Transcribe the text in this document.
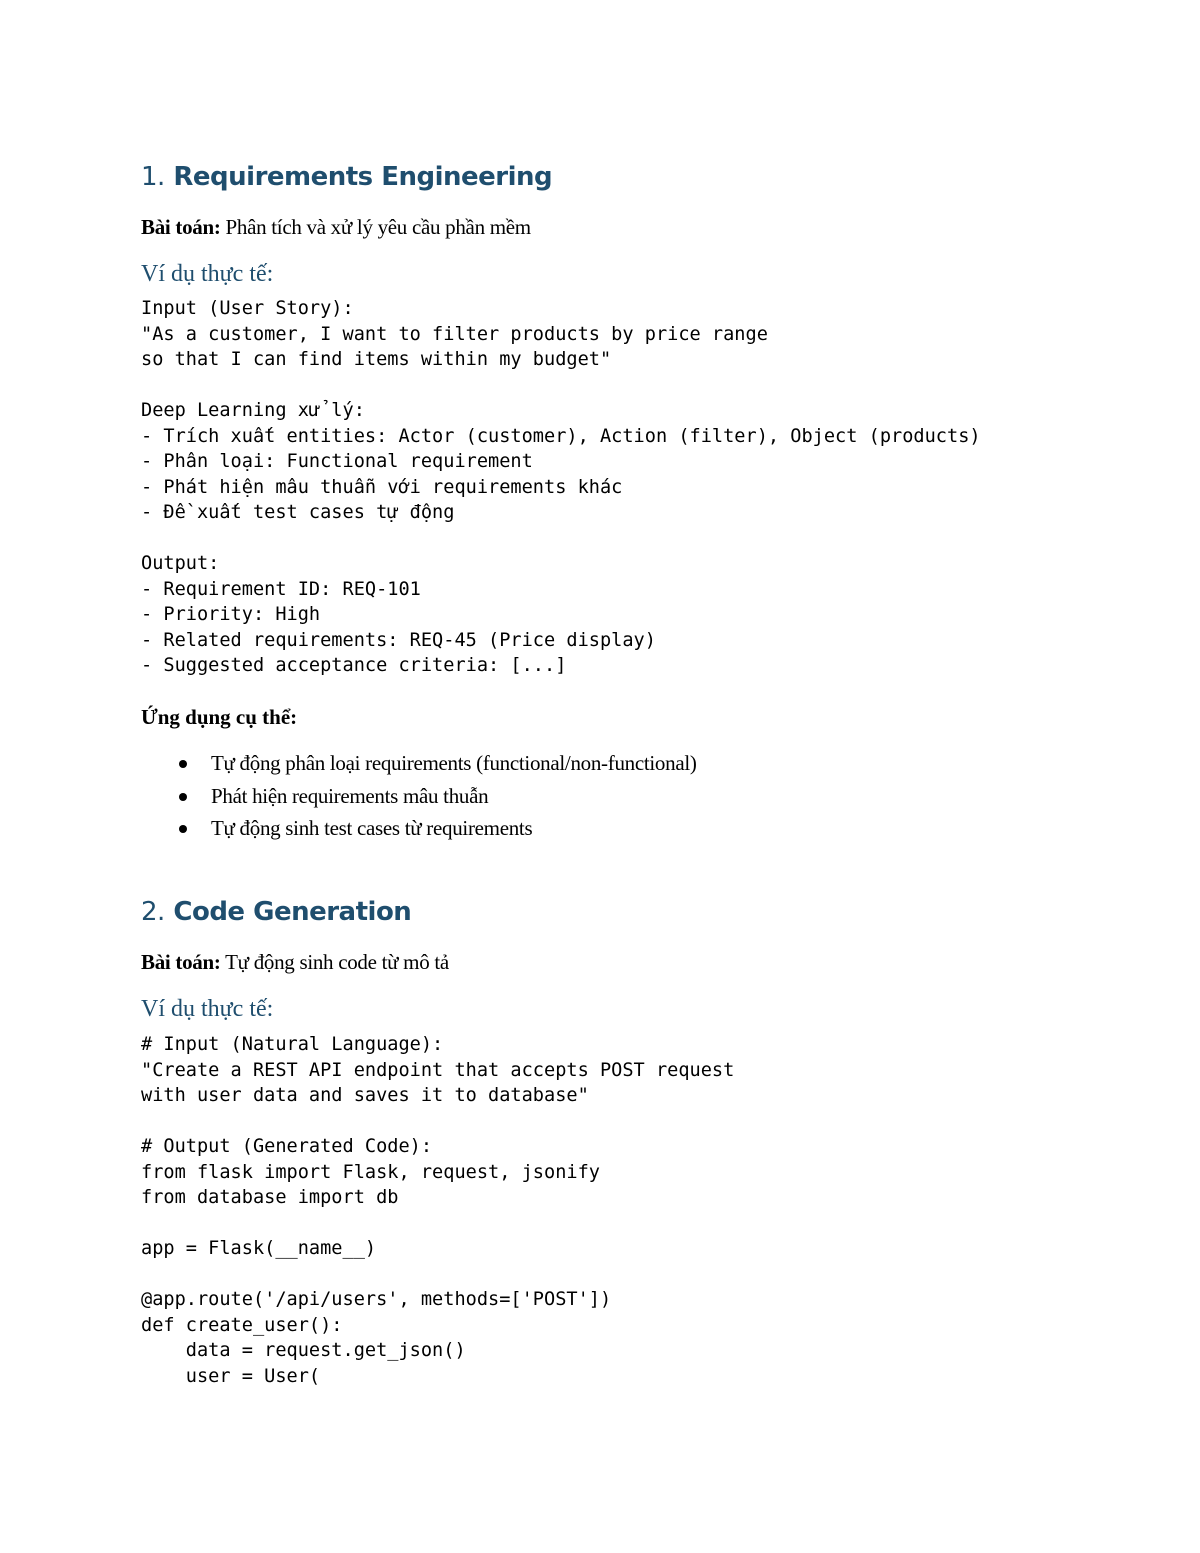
1. Requirements Engineering
Bài toán: Phân tích và xử lý yêu cầu phần mềm
Ví dụ thực tế:
Input (User Story):
"As a customer, I want to filter products by price range
so that I can find items within my budget"
Deep Learning xử lý:
- Trích xuất entities: Actor (customer), Action (filter), Object (products)
- Phân loại: Functional requirement
- Phát hiện mâu thuẫn với requirements khác
- Đề xuất test cases tự động
Output:
- Requirement ID: REQ-101
- Priority: High
- Related requirements: REQ-45 (Price display)
- Suggested acceptance criteria: [...]
Ứng dụng cụ thể:
Tự động phân loại requirements (functional/non-functional)
Phát hiện requirements mâu thuẫn
Tự động sinh test cases từ requirements
2. Code Generation
Bài toán: Tự động sinh code từ mô tả
Ví dụ thực tế:
# Input (Natural Language):
"Create a REST API endpoint that accepts POST request
with user data and saves it to database"
# Output (Generated Code):
from flask import Flask, request, jsonify
from database import db
app = Flask(__name__)
@app.route('/api/users', methods=['POST'])
def create_user():
data = request.get_json()
user = User(
